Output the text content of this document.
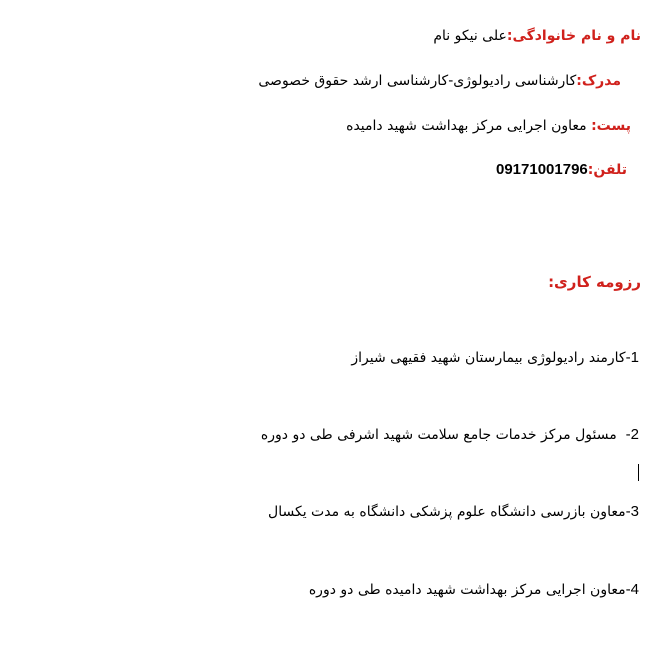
نام و نام خانوادگی:علی نیکو نام
مدرک:کارشناسی رادیولوژی-کارشناسی ارشد حقوق خصوصی
پست: معاون اجرایی مرکز بهداشت شهید دامیده
تلفن:09171001796
رزومه کاری:
1-کارمند رادیولوژی بیمارستان شهید فقیهی شیراز
2-  مسئول مرکز خدمات جامع سلامت شهید اشرفی طی دو دوره
3-معاون بازرسی دانشگاه علوم پزشکی دانشگاه به مدت یکسال
4-معاون اجرایی مرکز بهداشت شهید دامیده طی دو دوره
